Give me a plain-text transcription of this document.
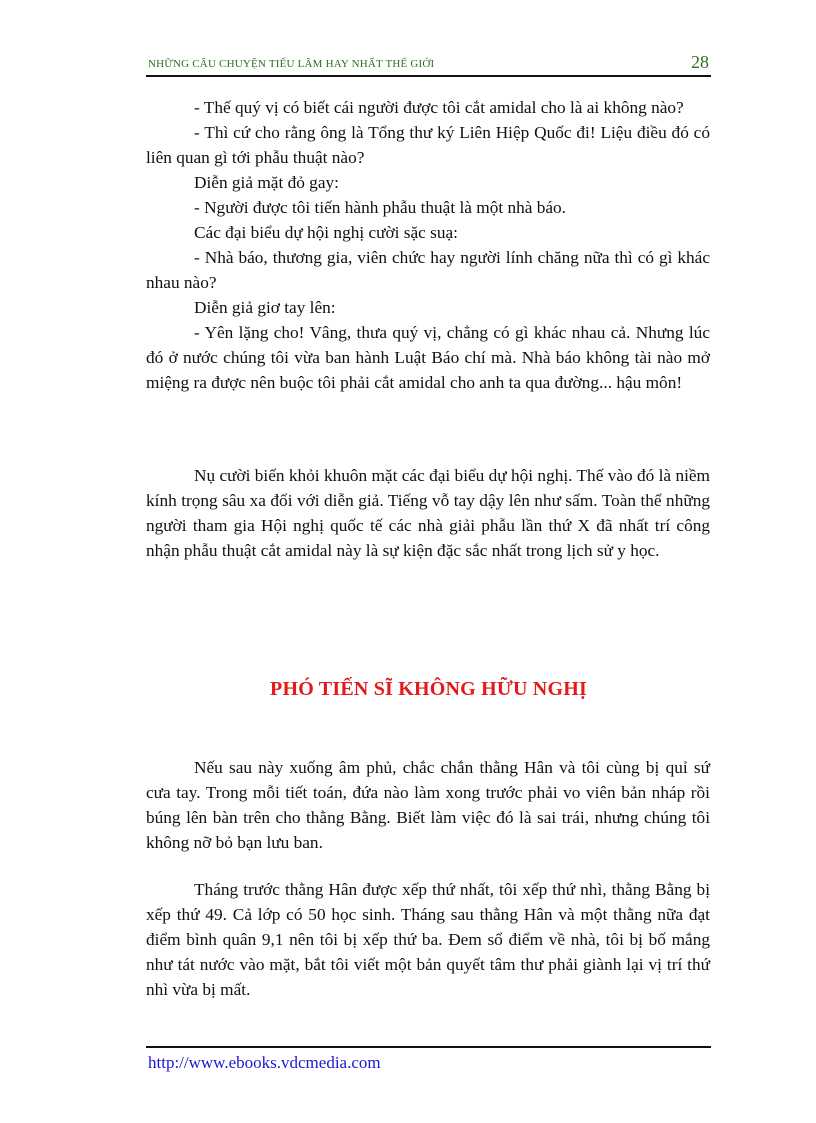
NHỮNG CÂU CHUYỆN TIẾU LÂM HAY NHẤT THẾ GIỚI	28

- Thế quý vị có biết cái người được tôi cắt amidal cho là ai không nào?

- Thì cứ cho rằng ông là Tổng thư ký Liên Hiệp Quốc đi! Liệu điều đó có liên quan gì tới phẫu thuật nào?

Diễn giả mặt đỏ gay:

- Người được tôi tiến hành phẫu thuật là một nhà báo.

Các đại biểu dự hội nghị cười sặc suạ:

- Nhà báo, thương gia, viên chức hay người lính chăng nữa thì có gì khác nhau nào?

Diễn giả giơ tay lên:

- Yên lặng cho! Vâng, thưa quý vị, chẳng có gì khác nhau cả. Nhưng lúc đó ở nước chúng tôi vừa ban hành Luật Báo chí mà. Nhà báo không tài nào mở miệng ra được nên buộc tôi phải cắt amidal cho anh ta qua đường... hậu môn!

Nụ cười biến khỏi khuôn mặt các đại biểu dự hội nghị. Thế vào đó là niềm kính trọng sâu xa đối với diễn giả. Tiếng vỗ tay dậy lên như sấm. Toàn thể những người tham gia Hội nghị quốc tế các nhà giải phẫu lần thứ X đã nhất trí công nhận phẫu thuật cắt amidal này là sự kiện đặc sắc nhất trong lịch sử y học.

PHÓ TIẾN SĨ KHÔNG HỮU NGHỊ

Nếu sau này xuống âm phủ, chắc chắn thằng Hân và tôi cùng bị quỉ sứ cưa tay. Trong mỗi tiết toán, đứa nào làm xong trước phải vo viên bản nháp rồi búng lên bàn trên cho thằng Bằng. Biết làm việc đó là sai trái, nhưng chúng tôi không nỡ bỏ bạn lưu ban.

Tháng trước thằng Hân được xếp thứ nhất, tôi xếp thứ nhì, thằng Bằng bị xếp thứ 49. Cả lớp có 50 học sinh. Tháng sau thằng Hân và một thằng nữa đạt điểm bình quân 9,1 nên tôi bị xếp thứ ba. Đem sổ điểm về nhà, tôi bị bố mắng như tát nước vào mặt, bắt tôi viết một bản quyết tâm thư phải giành lại vị trí thứ nhì vừa bị mất.

http://www.ebooks.vdcmedia.com
